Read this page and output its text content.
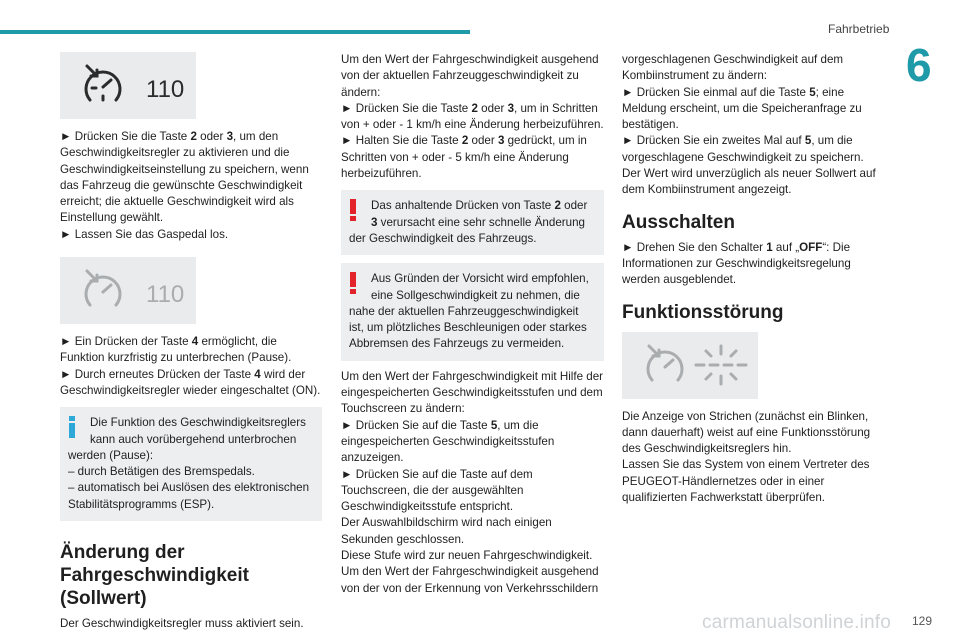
Fahrbetrieb
6
110

► Drücken Sie die Taste 2 oder 3, um den Geschwindigkeitsregler zu aktivieren und die Geschwindigkeitseinstellung zu speichern, wenn das Fahrzeug die gewünschte Geschwindigkeit erreicht; die aktuelle Geschwindigkeit wird als Einstellung gewählt.
► Lassen Sie das Gaspedal los.

110

► Ein Drücken der Taste 4 ermöglicht, die Funktion kurzfristig zu unterbrechen (Pause).
► Durch erneutes Drücken der Taste 4 wird der Geschwindigkeitsregler wieder eingeschaltet (ON).

Die Funktion des Geschwindigkeitsreglers kann auch vorübergehend unterbrochen
werden (Pause):
– durch Betätigen des Bremspedals.
– automatisch bei Auslösen des elektronischen Stabilitätsprogramms (ESP).
Änderung der Fahrgeschwindigkeit (Sollwert)

Der Geschwindigkeitsregler muss aktiviert sein.

Um den Wert der Fahrgeschwindigkeit ausgehend von der aktuellen Fahrzeuggeschwindigkeit zu ändern:

► Drücken Sie die Taste 2 oder 3, um in Schritten von + oder - 1 km/h eine Änderung herbeizuführen.

► Halten Sie die Taste 2 oder 3 gedrückt, um in Schritten von + oder - 5 km/h eine Änderung herbeizuführen.

Das anhaltende Drücken von Taste 2 oder 3 verursacht eine sehr schnelle Änderung
der Geschwindigkeit des Fahrzeugs.
Aus Gründen der Vorsicht wird empfohlen, eine Sollgeschwindigkeit zu nehmen, die
nahe der aktuellen Fahrzeuggeschwindigkeit ist, um plötzliches Beschleunigen oder starkes Abbremsen des Fahrzeugs zu vermeiden.

Um den Wert der Fahrgeschwindigkeit mit Hilfe der eingespeicherten Geschwindigkeitsstufen und dem Touchscreen zu ändern:

► Drücken Sie auf die Taste 5, um die eingespeicherten Geschwindigkeitsstufen anzuzeigen.

► Drücken Sie auf die Taste auf dem Touchscreen, die der ausgewählten Geschwindigkeitsstufe entspricht.

Der Auswahlbildschirm wird nach einigen Sekunden geschlossen.

Diese Stufe wird zur neuen Fahrgeschwindigkeit.

Um den Wert der Fahrgeschwindigkeit ausgehend von der von der Erkennung von Verkehrsschildern

vorgeschlagenen Geschwindigkeit auf dem Kombiinstrument zu ändern:

► Drücken Sie einmal auf die Taste 5; eine Meldung erscheint, um die Speicheranfrage zu bestätigen.

► Drücken Sie ein zweites Mal auf 5, um die vorgeschlagene Geschwindigkeit zu speichern.

Der Wert wird unverzüglich als neuer Sollwert auf dem Kombiinstrument angezeigt.

Ausschalten

► Drehen Sie den Schalter 1 auf „OFF“: Die Informationen zur Geschwindigkeitsregelung werden ausgeblendet.

Funktionsstörung

Die Anzeige von Strichen (zunächst ein Blinken, dann dauerhaft) weist auf eine Funktionsstörung des Geschwindigkeitsreglers hin.

Lassen Sie das System von einem Vertreter des PEUGEOT-Händlernetzes oder in einer qualifizierten Fachwerkstatt überprüfen.

carmanualsonline.info 129
